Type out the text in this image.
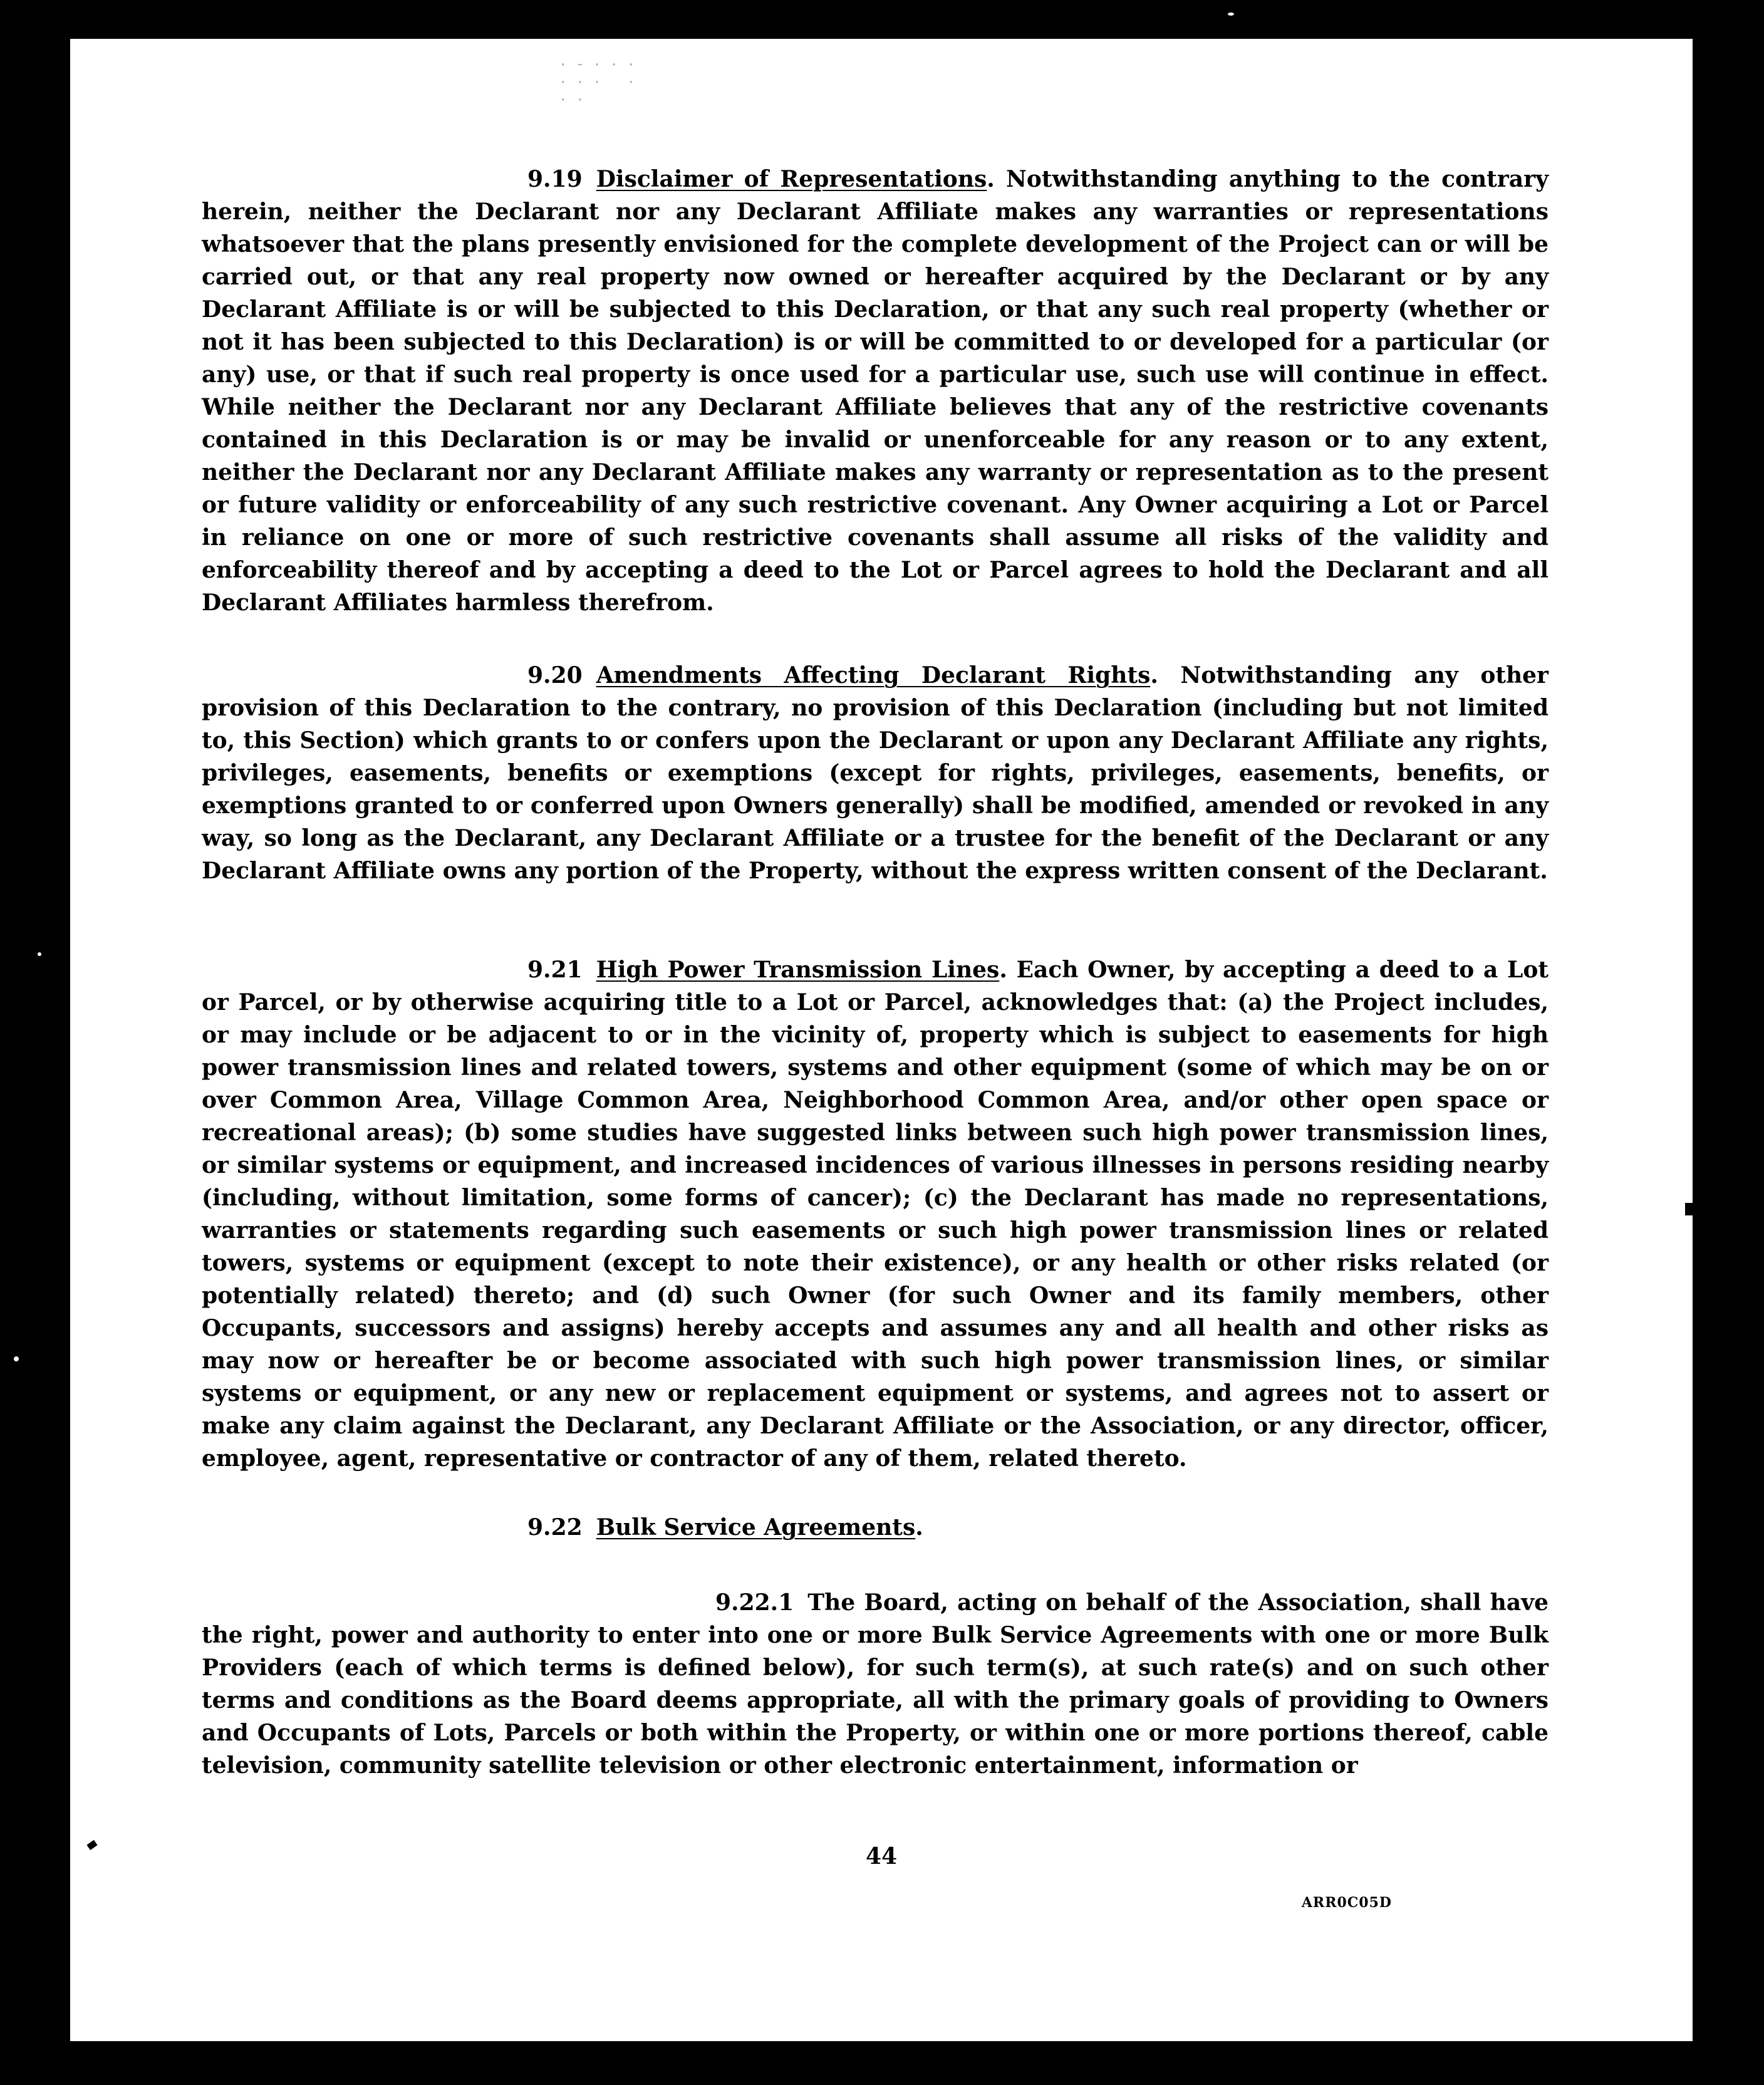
·-··· ··· · ··

9.19 Disclaimer of Representations. Notwithstanding anything to the contrary herein, neither the Declarant nor any Declarant Affiliate makes any warranties or representations whatsoever that the plans presently envisioned for the complete development of the Project can or will be carried out, or that any real property now owned or hereafter acquired by the Declarant or by any Declarant Affiliate is or will be subjected to this Declaration, or that any such real property (whether or not it has been subjected to this Declaration) is or will be committed to or developed for a particular (or any) use, or that if such real property is once used for a particular use, such use will continue in effect. While neither the Declarant nor any Declarant Affiliate believes that any of the restrictive covenants contained in this Declaration is or may be invalid or unenforceable for any reason or to any extent, neither the Declarant nor any Declarant Affiliate makes any warranty or representation as to the present or future validity or enforceability of any such restrictive covenant. Any Owner acquiring a Lot or Parcel in reliance on one or more of such restrictive covenants shall assume all risks of the validity and enforceability thereof and by accepting a deed to the Lot or Parcel agrees to hold the Declarant and all Declarant Affiliates harmless therefrom.

9.20 Amendments Affecting Declarant Rights. Notwithstanding any other provision of this Declaration to the contrary, no provision of this Declaration (including but not limited to, this Section) which grants to or confers upon the Declarant or upon any Declarant Affiliate any rights, privileges, easements, benefits or exemptions (except for rights, privileges, easements, benefits, or exemptions granted to or conferred upon Owners generally) shall be modified, amended or revoked in any way, so long as the Declarant, any Declarant Affiliate or a trustee for the benefit of the Declarant or any Declarant Affiliate owns any portion of the Property, without the express written consent of the Declarant.

9.21 High Power Transmission Lines. Each Owner, by accepting a deed to a Lot or Parcel, or by otherwise acquiring title to a Lot or Parcel, acknowledges that: (a) the Project includes, or may include or be adjacent to or in the vicinity of, property which is subject to easements for high power transmission lines and related towers, systems and other equipment (some of which may be on or over Common Area, Village Common Area, Neighborhood Common Area, and/or other open space or recreational areas); (b) some studies have suggested links between such high power transmission lines, or similar systems or equipment, and increased incidences of various illnesses in persons residing nearby (including, without limitation, some forms of cancer); (c) the Declarant has made no representations, warranties or statements regarding such easements or such high power transmission lines or related towers, systems or equipment (except to note their existence), or any health or other risks related (or potentially related) thereto; and (d) such Owner (for such Owner and its family members, other Occupants, successors and assigns) hereby accepts and assumes any and all health and other risks as may now or hereafter be or become associated with such high power transmission lines, or similar systems or equipment, or any new or replacement equipment or systems, and agrees not to assert or make any claim against the Declarant, any Declarant Affiliate or the Association, or any director, officer, employee, agent, representative or contractor of any of them, related thereto.

9.22 Bulk Service Agreements.

9.22.1 The Board, acting on behalf of the Association, shall have the right, power and authority to enter into one or more Bulk Service Agreements with one or more Bulk Providers (each of which terms is defined below), for such term(s), at such rate(s) and on such other terms and conditions as the Board deems appropriate, all with the primary goals of providing to Owners and Occupants of Lots, Parcels or both within the Property, or within one or more portions thereof, cable television, community satellite television or other electronic entertainment, information or

44
ARR0C05D
